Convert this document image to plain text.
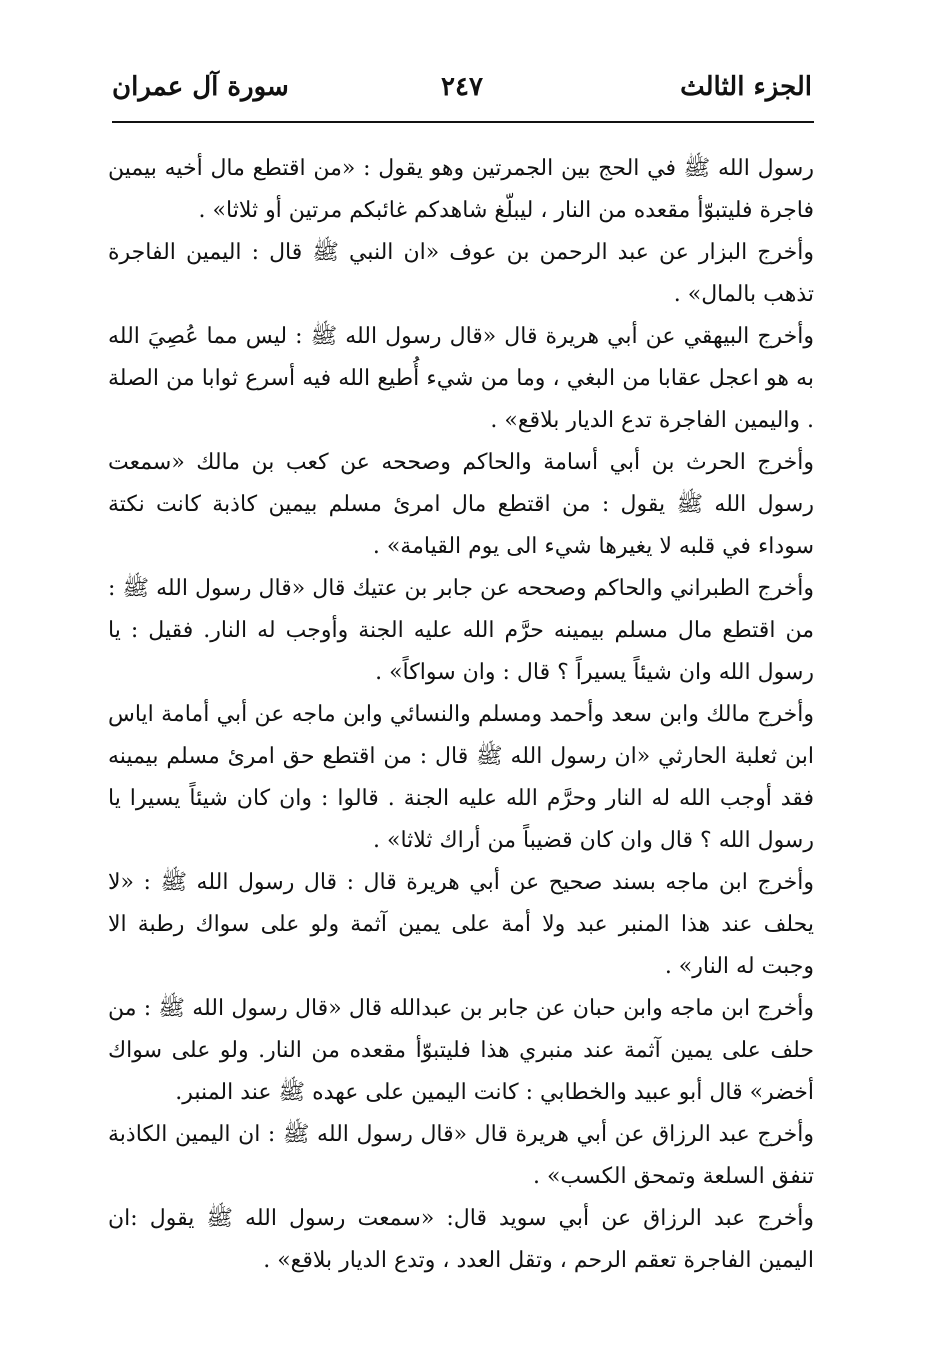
الجزء الثالث
٢٤٧
سورة آل عمران

رسول الله ﷺ في الحج بين الجمرتين وهو يقول : «من اقتطع مال أخيه بيمين فاجرة فليتبوّأ مقعده من النار ، ليبلّغ شاهدكم غائبكم مرتين أو ثلاثا» .

وأخرج البزار عن عبد الرحمن بن عوف «ان النبي ﷺ قال : اليمين الفاجرة تذهب بالمال» .

وأخرج البيهقي عن أبي هريرة قال «قال رسول الله ﷺ : ليس مما عُصِيَ الله به هو اعجل عقابا من البغي ، وما من شيء أُطيع الله فيه أسرع ثوابا من الصلة . واليمين الفاجرة تدع الديار بلاقع» .

وأخرج الحرث بن أبي أسامة والحاكم وصححه عن كعب بن مالك «سمعت رسول الله ﷺ يقول : من اقتطع مال امرئ مسلم بيمين كاذبة كانت نكتة سوداء في قلبه لا يغيرها شيء الى يوم القيامة» .

وأخرج الطبراني والحاكم وصححه عن جابر بن عتيك قال «قال رسول الله ﷺ : من اقتطع مال مسلم بيمينه حرَّم الله عليه الجنة وأوجب له النار. فقيل : يا رسول الله وان شيئاً يسيراً ؟ قال : وان سواكاً» .

وأخرج مالك وابن سعد وأحمد ومسلم والنسائي وابن ماجه عن أبي أمامة اياس ابن ثعلبة الحارثي «ان رسول الله ﷺ قال : من اقتطع حق امرئ مسلم بيمينه فقد أوجب الله له النار وحرَّم الله عليه الجنة . قالوا : وان كان شيئاً يسيرا يا رسول الله ؟ قال وان كان قضيباً من أراك ثلاثا» .

وأخرج ابن ماجه بسند صحيح عن أبي هريرة قال : قال رسول الله ﷺ : «لا يحلف عند هذا المنبر عبد ولا أمة على يمين آثمة ولو على سواك رطبة الا وجبت له النار» .

وأخرج ابن ماجه وابن حبان عن جابر بن عبدالله قال «قال رسول الله ﷺ : من حلف على يمين آثمة عند منبري هذا فليتبوّأ مقعده من النار. ولو على سواك أخضر» قال أبو عبيد والخطابي : كانت اليمين على عهده ﷺ عند المنبر.

وأخرج عبد الرزاق عن أبي هريرة قال «قال رسول الله ﷺ : ان اليمين الكاذبة تنفق السلعة وتمحق الكسب» .

وأخرج عبد الرزاق عن أبي سويد قال: «سمعت رسول الله ﷺ يقول :ان اليمين الفاجرة تعقم الرحم ، وتقل العدد ، وتدع الديار بلاقع» .
